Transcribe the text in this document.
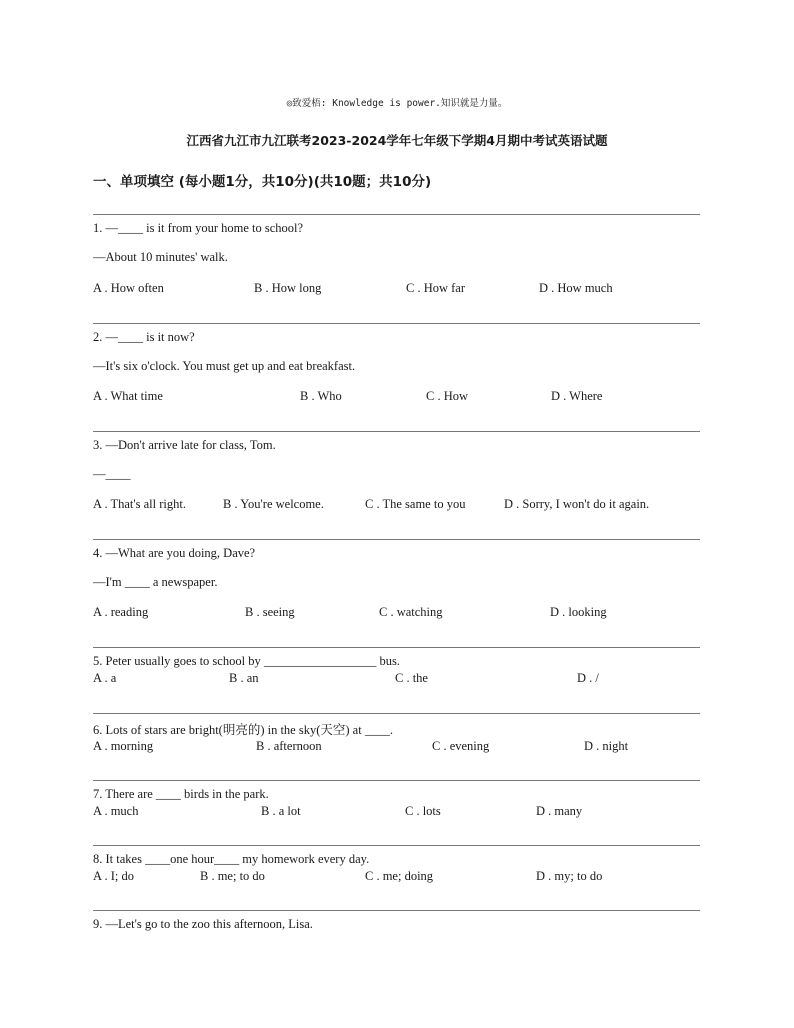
◎致爱梧: Knowledge is power.知识就是力量。
江西省九江市九江联考2023-2024学年七年级下学期4月期中考试英语试题
一、单项填空 (每小题1分，共10分)(共10题；共10分)
1. —____ is it from your home to school?
—About 10 minutes' walk.
A . How often	B . How long	C . How far	D . How much
2. —____ is it now?
—It's six o'clock. You must get up and eat breakfast.
A . What time	B . Who	C . How	D . Where
3. —Don't arrive late for class, Tom.
—____
A . That's all right.	B . You're welcome.	C . The same to you	D . Sorry, I won't do it again.
4. —What are you doing, Dave?
—I'm ____ a newspaper.
A . reading	B . seeing	C . watching	D . looking
5. Peter usually goes to school by __________________ bus.
A . a	B . an	C . the	D . /
6. Lots of stars are bright(明亮的) in the sky(天空) at ____.
A . morning	B . afternoon	C . evening	D . night
7. There are ____ birds in the park.
A . much	B . a lot	C . lots	D . many
8. It takes ____one hour____ my homework every day.
A . I; do	B . me; to do	C . me; doing	D . my; to do
9. —Let's go to the zoo this afternoon, Lisa.
